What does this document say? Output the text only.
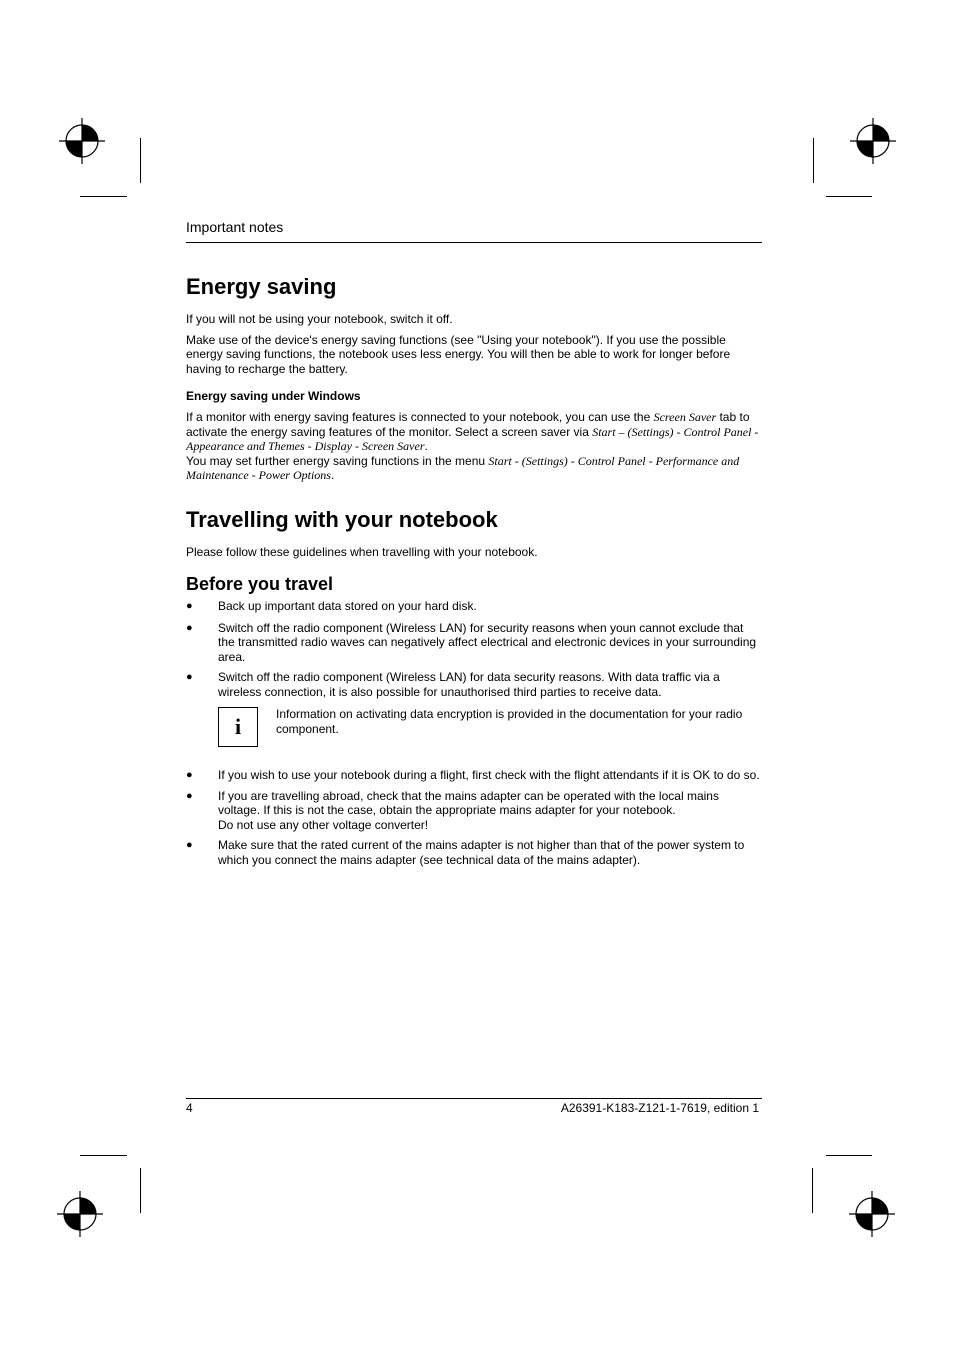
Important notes
Energy saving

If you will not be using your notebook, switch it off.

Make use of the device's energy saving functions (see "Using your notebook"). If you use the possible energy saving functions, the notebook uses less energy. You will then be able to work for longer before having to recharge the battery.

Energy saving under Windows

If a monitor with energy saving features is connected to your notebook, you can use the Screen Saver tab to activate the energy saving features of the monitor. Select a screen saver via Start – (Settings) - Control Panel - Appearance and Themes - Display - Screen Saver.

You may set further energy saving functions in the menu Start - (Settings) - Control Panel - Performance and Maintenance - Power Options.

Travelling with your notebook

Please follow these guidelines when travelling with your notebook.

Before you travel
● Back up important data stored on your hard disk.
● Switch off the radio component (Wireless LAN) for security reasons when youn cannot exclude that the transmitted radio waves can negatively affect electrical and electronic devices in your surrounding area.
● Switch off the radio component (Wireless LAN) for data security reasons. With data traffic via a wireless connection, it is also possible for unauthorised third parties to receive data.
i	Information on activating data encryption is provided in the documentation for your radio component.
● If you wish to use your notebook during a flight, first check with the flight attendants if it is OK to do so.
● If you are travelling abroad, check that the mains adapter can be operated with the local mains voltage. If this is not the case, obtain the appropriate mains adapter for your notebook.
Do not use any other voltage converter!
● Make sure that the rated current of the mains adapter is not higher than that of the power system to which you connect the mains adapter (see technical data of the mains adapter).
4	A26391-K183-Z121-1-7619, edition 1
